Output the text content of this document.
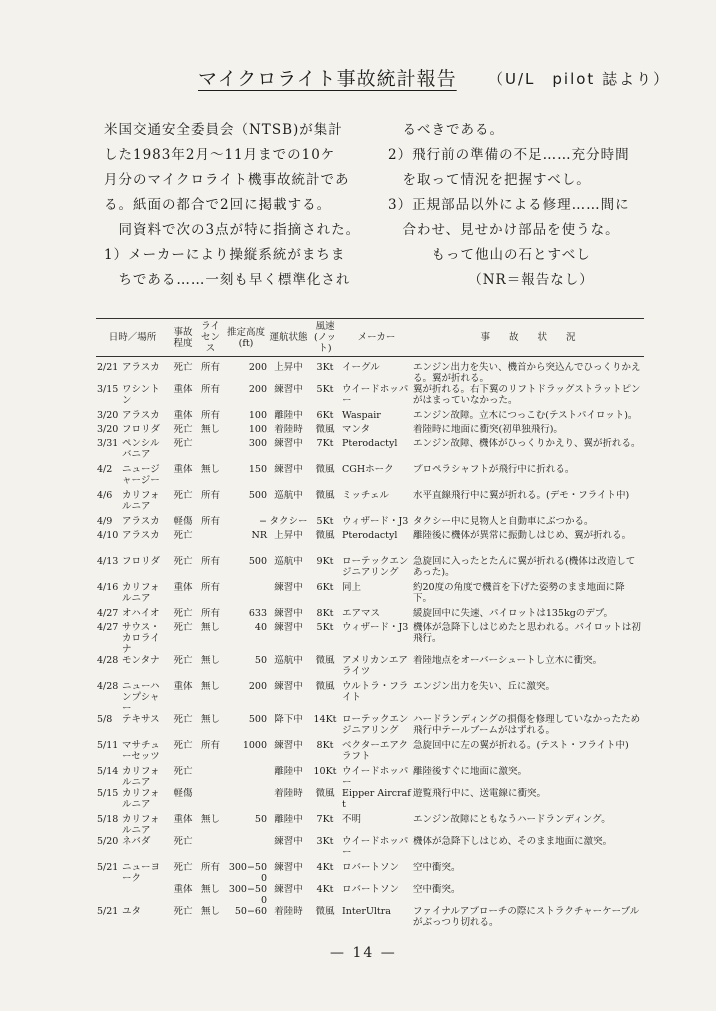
マイクロライト事故統計報告 （U/L　pilot 誌より）
米国交通安全委員会（NTSB)が集計
した1983年2月〜11月までの10ケ
月分のマイクロライト機事故統計であ
る。紙面の都合で2回に掲載する。
　同資料で次の3点が特に指摘された。
1）メーカーにより操縦系統がまちま
　ちである……一刻も早く標準化され
　るべきである。
2）飛行前の準備の不足……充分時間
　を取って情況を把握すべし。
3）正規部品以外による修理……間に
　合わせ、見せかけ部品を使うな。
　　　もって他山の石とすべし
　　　　　　（NR＝報告なし）
日時／場所		事故程度	ライセンス	推定高度(ft)	運航状態	風速(ノット)	メーカー	事　　故　　状　　況
2/21	アラスカ	死亡	所有	200	上昇中	3Kt	イーグル	エンジン出力を失い、機首から突込んでひっくりかえる。翼が折れる。
3/15	ワシントン	重体	所有	200	練習中	5Kt	ウイードホッパー	翼が折れる。右下翼のリフトドラッグストラットピンがはまっていなかった。
3/20	アラスカ	重体	所有	100	離陸中	6Kt	Waspair	エンジン故障。立木につっこむ(テストパイロット)。
3/20	フロリダ	死亡	無し	100	着陸時	微風	マンタ	着陸時に地面に衝突(初単独飛行)。
3/31	ペンシルバニア	死亡		300	練習中	7Kt	Pterodactyl	エンジン故障、機体がひっくりかえり、翼が折れる。
4/2	ニュージャージー	重体	無し	150	練習中	微風	CGHホーク	プロペラシャフトが飛行中に折れる。
4/6	カリフォルニア	死亡	所有	500	巡航中	微風	ミッチェル	水平直線飛行中に翼が折れる。(デモ・フライト中)
4/9	アラスカ	軽傷	所有	−	タクシー	5Kt	ウィザード・J3	タクシー中に見物人と自動車にぶつかる。
4/10	アラスカ	死亡		NR	上昇中	微風	Pterodactyl	離陸後に機体が異常に振動しはじめ、翼が折れる。
4/13	フロリダ	死亡	所有	500	巡航中	9Kt	ローテックエンジニアリング	急旋回に入ったとたんに翼が折れる(機体は改造してあった)。
4/16	カリフォルニア	重体	所有		練習中	6Kt	同上	約20度の角度で機首を下げた姿勢のまま地面に降下。
4/27	オハイオ	死亡	所有	633	練習中	8Kt	エアマス	緩旋回中に失速、パイロットは135kgのデブ。
4/27	サウス・カロライナ	死亡	無し	40	練習中	5Kt	ウィザード・J3	機体が急降下しはじめたと思われる。パイロットは初飛行。
4/28	モンタナ	死亡	無し	50	巡航中	微風	アメリカンエアライツ	着陸地点をオーバーシュートし立木に衝突。
4/28	ニューハンプシャー	重体	無し	200	練習中	微風	ウルトラ・フライト	エンジン出力を失い、丘に激突。
5/8	テキサス	死亡	無し	500	降下中	14Kt	ローテックエンジニアリング	ハードランディングの損傷を修理していなかったため飛行中テールブームがはずれる。
5/11	マサチューセッツ	死亡	所有	1000	練習中	8Kt	ベクターエアクラフト	急旋回中に左の翼が折れる。(テスト・フライト中)
5/14	カリフォルニア	死亡			離陸中	10Kt	ウイードホッパー	離陸後すぐに地面に激突。
5/15	カリフォルニア	軽傷			着陸時	微風	Eipper Aircraft	遊覧飛行中に、送電線に衝突。
5/18	カリフォルニア	重体	無し	50	離陸中	7Kt	不明	エンジン故障にともなうハードランディング。
5/20	ネバダ	死亡			練習中	3Kt	ウイードホッパー	機体が急降下しはじめ、そのまま地面に激突。
5/21	ニューヨーク	死亡	所有	300−500	練習中	4Kt	ロバートソン	空中衝突。
		重体	無し	300−500	練習中	4Kt	ロバートソン	空中衝突。
5/21	ユタ	死亡	無し	50−60	着陸時	微風	InterUltra	ファイナルアプローチの際にストラクチャーケーブルがぶっつり切れる。
— 14 —
